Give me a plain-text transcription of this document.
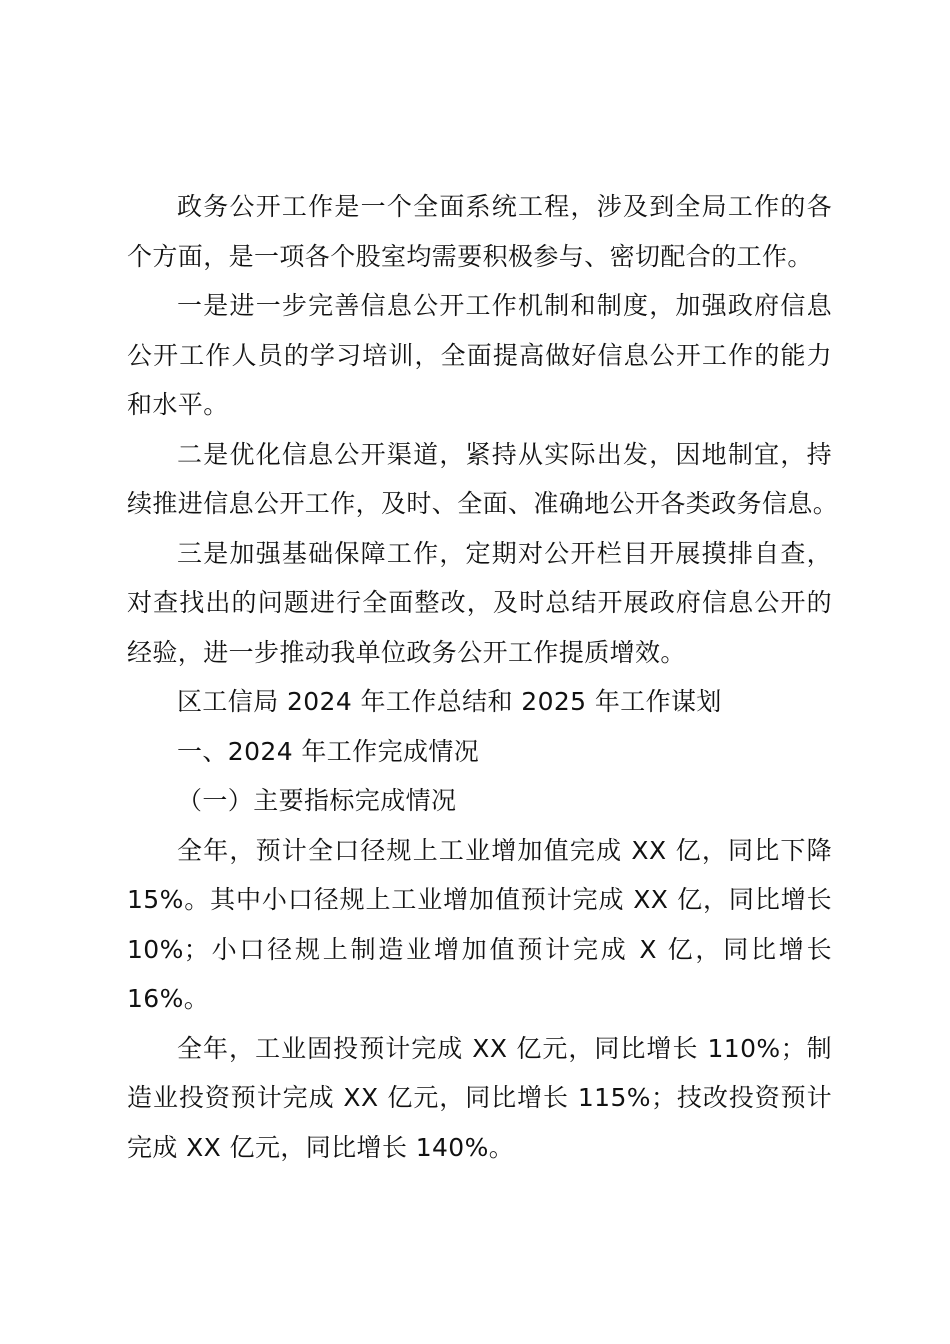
政务公开工作是一个全面系统工程，涉及到全局工作的各
个方面，是一项各个股室均需要积极参与、密切配合的工作。
一是进一步完善信息公开工作机制和制度，加强政府信息
公开工作人员的学习培训，全面提高做好信息公开工作的能力
和水平。
二是优化信息公开渠道，紧持从实际出发，因地制宜，持
续推进信息公开工作，及时、全面、准确地公开各类政务信息。
三是加强基础保障工作，定期对公开栏目开展摸排自查，
对查找出的问题进行全面整改，及时总结开展政府信息公开的
经验，进一步推动我单位政务公开工作提质增效。
区工信局 2024 年工作总结和 2025 年工作谋划
一、2024 年工作完成情况
（一）主要指标完成情况
全年，预计全口径规上工业增加值完成 XX 亿，同比下降
15%。其中小口径规上工业增加值预计完成 XX 亿，同比增长
10%；小口径规上制造业增加值预计完成 X 亿，同比增长
16%。
全年，工业固投预计完成 XX 亿元，同比增长 110%；制
造业投资预计完成 XX 亿元，同比增长 115%；技改投资预计
完成 XX 亿元，同比增长 140%。
